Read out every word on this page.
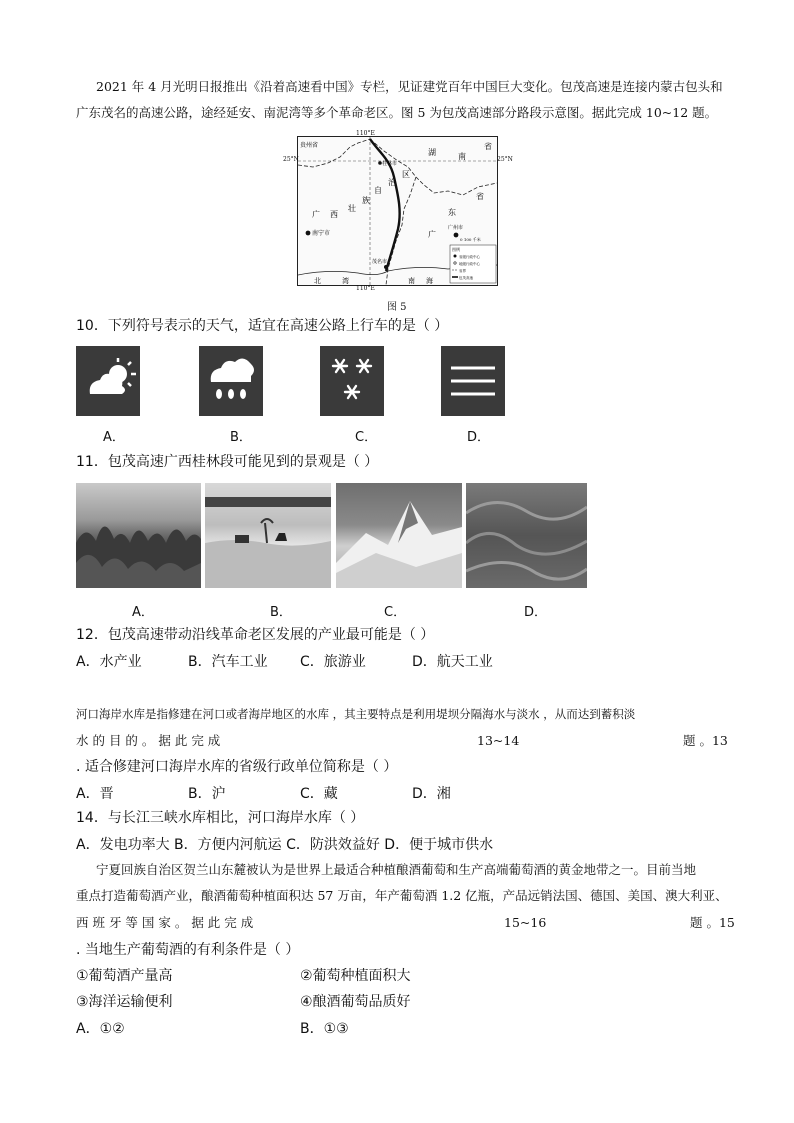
2021 年 4 月光明日报推出《沿着高速看中国》专栏，见证建党百年中国巨大变化。包茂高速是连接内蒙古包头和
广东茂名的高速公路，途经延安、南泥湾等多个革命老区。图 5 为包茂高速部分路段示意图。据此完成 10~12 题。
贵州省
桂林市
湖	南
省
广 西
壮
族
自
治
区
广
东
省
南宁市
广州市
茂名市
北	湾	南 海
0 100 千米
图例
省级行政中心
地级行政中心
省界
包茂高速
110°E
110°E
25°N	25°N
图 5
10．下列符号表示的天气，适宜在高速公路上行车的是（ ）
A．	B．	C．	D．
11．包茂高速广西桂林段可能见到的景观是（ ）
A．	B．	C．	D．
12．包茂高速带动沿线革命老区发展的产业最可能是（ ）
A．水产业	B．汽车工业 C．旅游业	D．航天工业
河口海岸水库是指修建在河口或者海岸地区的水库 ，其主要特点是利用堤坝分隔海水与淡水 ，从而达到蓄积淡
水 的 目 的 。 据 此 完 成	13~14	题 。13
. 适合修建河口海岸水库的省级行政单位简称是（ ）
A．晋	B．沪	C．藏	D．湘
14．与长江三峡水库相比，河口海岸水库（ ）
A．发电功率大 B．方便内河航运 C．防洪效益好 D．便于城市供水
宁夏回族自治区贺兰山东麓被认为是世界上最适合种植酿酒葡萄和生产高端葡萄酒的黄金地带之一。目前当地
重点打造葡萄酒产业，酿酒葡萄种植面积达 57 万亩，年产葡萄酒 1.2 亿瓶，产品远销法国、德国、美国、澳大利亚、
西 班 牙 等 国 家 。 据 此 完 成	15~16	题 。15
. 当地生产葡萄酒的有利条件是（ ）
①葡萄酒产量高	②葡萄种植面积大
③海洋运输便利	④酿酒葡萄品质好
A．①②	B．①③
